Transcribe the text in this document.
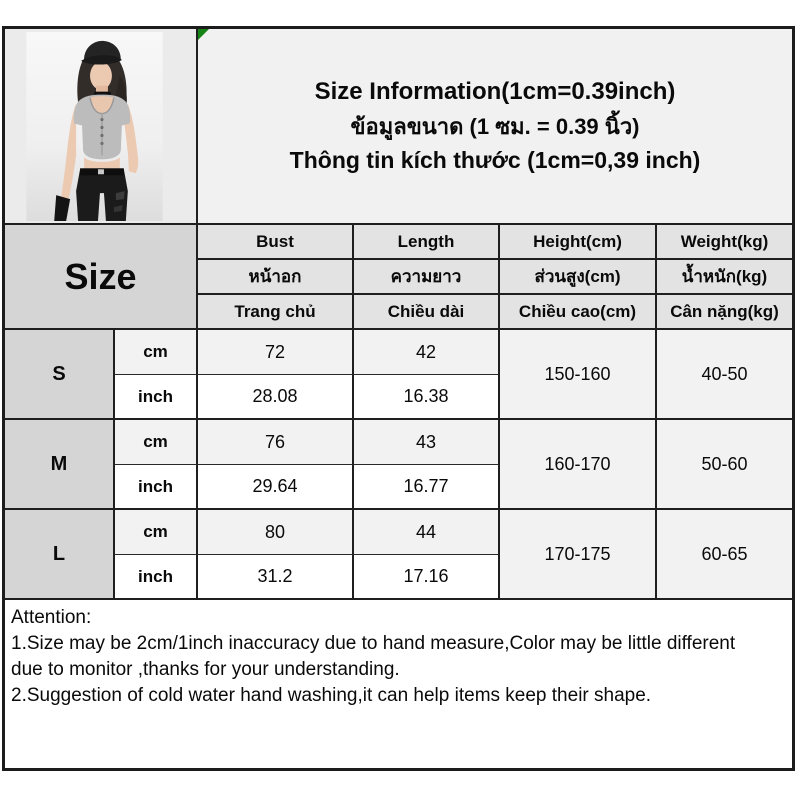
Size Information(1cm=0.39inch)
ข้อมูลขนาด (1 ซม. = 0.39 นิ้ว)
Thông tin kích thước (1cm=0,39 inch)
Size
Bust	Length	Height(cm)	Weight(kg)
หน้าอก	ความยาว	ส่วนสูง(cm)	น้ำหนัก(kg)
Trang chủ	Chiều dài	Chiều cao(cm)	Cân nặng(kg)
S
cm	72	42
inch	28.08	16.38
150-160	40-50
M
cm	76	43
inch	29.64	16.77
160-170	50-60
L
cm	80	44
inch	31.2	17.16
170-175	60-65
Attention:
1.Size may be 2cm/1inch inaccuracy due to hand measure,Color may be little different
due to monitor ,thanks for your understanding.
2.Suggestion of cold water hand washing,it can help items keep their shape.
